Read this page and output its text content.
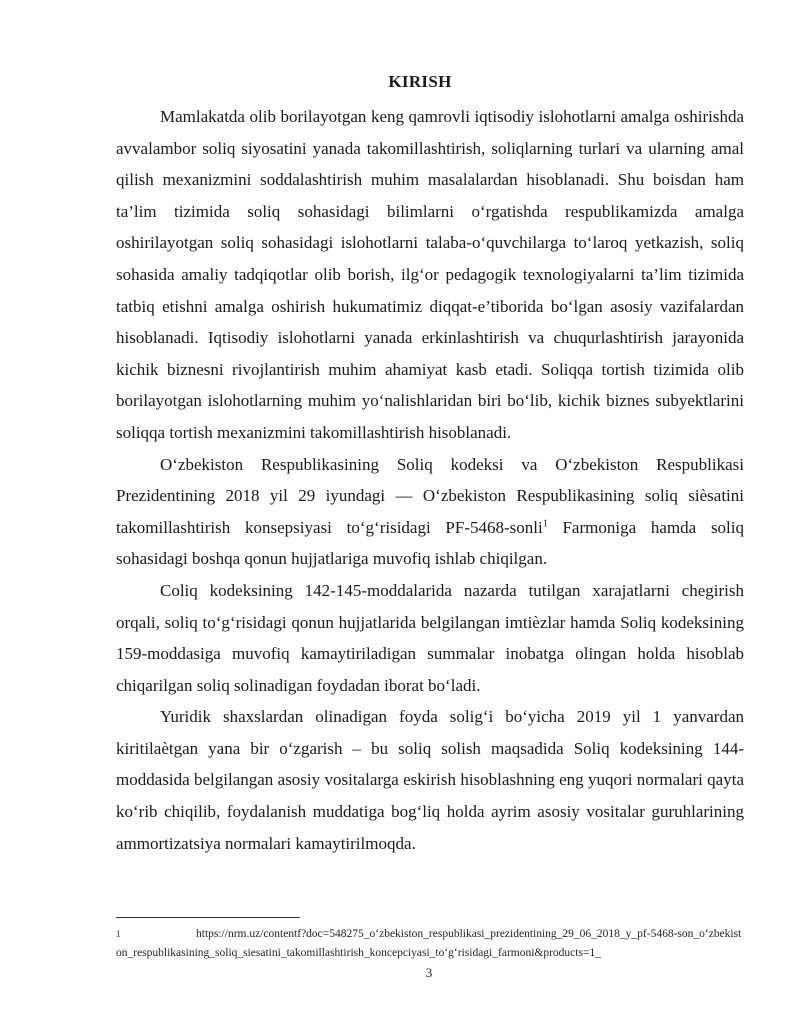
KIRISH

Mamlakatda olib borilayotgan keng qamrovli iqtisodiy islohotlarni amalga oshirishda avvalambor soliq siyosatini yanada takomillashtirish, soliqlarning turlari va ularning amal qilish mexanizmini soddalashtirish muhim masalalardan hisoblanadi. Shu boisdan ham ta’lim tizimida soliq sohasidagi bilimlarni o‘rgatishda respublikamizda amalga oshirilayotgan soliq sohasidagi islohotlarni talaba-o‘quvchilarga to‘laroq yetkazish, soliq sohasida amaliy tadqiqotlar olib borish, ilg‘or pedagogik texnologiyalarni ta’lim tizimida tatbiq etishni amalga oshirish hukumatimiz diqqat-e’tiborida bo‘lgan asosiy vazifalardan hisoblanadi. Iqtisodiy islohotlarni yanada erkinlashtirish va chuqurlashtirish jarayonida kichik biznesni rivojlantirish muhim ahamiyat kasb etadi. Soliqqa tortish tizimida olib borilayotgan islohotlarning muhim yo‘nalishlaridan biri bo‘lib, kichik biznes subyektlarini soliqqa tortish mexanizmini takomillashtirish hisoblanadi.

O‘zbekiston Respublikasining Soliq kodeksi va O‘zbekiston Respublikasi Prezidentining 2018 yil 29 iyundagi ― O‘zbekiston Respublikasining soliq siѐsatini takomillashtirish konsepsiyasi to‘g‘risidagi PF-5468-sonli$^1$ Farmoniga hamda soliq sohasidagi boshqa qonun hujjatlariga muvofiq ishlab chiqilgan.

Coliq kodeksining 142-145-moddalarida nazarda tutilgan xarajatlarni chegirish orqali, soliq to‘g‘risidagi qonun hujjatlarida belgilangan imtiѐzlar hamda Soliq kodeksining 159-moddasiga muvofiq kamaytiriladigan summalar inobatga olingan holda hisoblab chiqarilgan soliq solinadigan foydadan iborat bo‘ladi.

Yuridik shaxslardan olinadigan foyda solig‘i bo‘yicha 2019 yil 1 yanvardan kiritilaѐtgan yana bir o‘zgarish – bu soliq solish maqsadida Soliq kodeksining 144-moddasida belgilangan asosiy vositalarga eskirish hisoblashning eng yuqori normalari qayta ko‘rib chiqilib, foydalanish muddatiga bog‘liq holda ayrim asosiy vositalar guruhlarining ammortizatsiya normalari kamaytirilmoqda.

1	https://nrm.uz/contentf?doc=548275_o‘zbekiston_respublikasi_prezidentining_29_06_2018_y_pf-5468-son_o‘zbekiston_respublikasining_soliq_siesatini_takomillashtirish_koncepciyasi_to‘g‘risidagi_farmoni&products=1_
3
